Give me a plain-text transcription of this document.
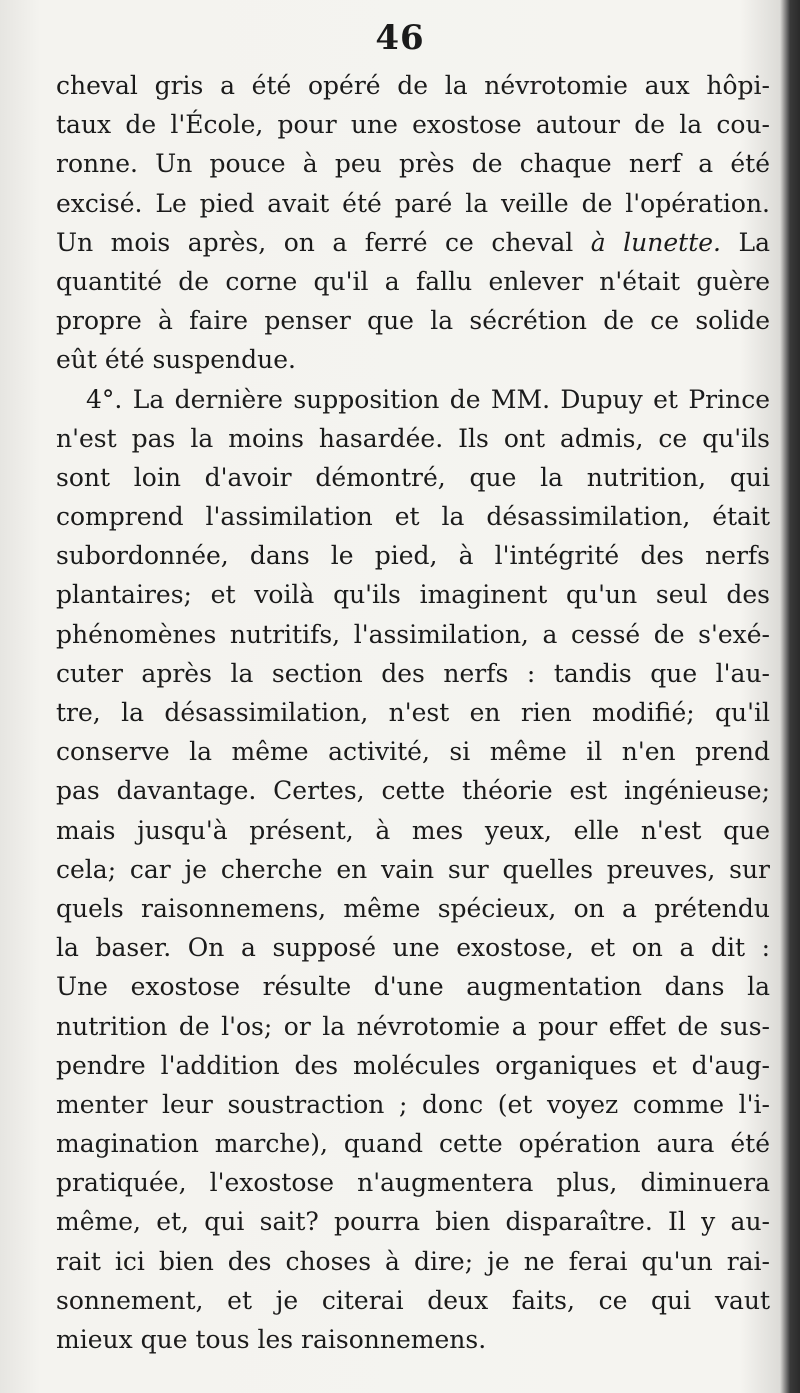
46
cheval gris a été opéré de la névrotomie aux hôpi-
taux de l'École, pour une exostose autour de la cou-
ronne. Un pouce à peu près de chaque nerf a été
excisé. Le pied avait été paré la veille de l'opération.
Un mois après, on a ferré ce cheval à lunette. La
quantité de corne qu'il a fallu enlever n'était guère
propre à faire penser que la sécrétion de ce solide
eût été suspendue.
4°. La dernière supposition de MM. Dupuy et Prince
n'est pas la moins hasardée. Ils ont admis, ce qu'ils
sont loin d'avoir démontré, que la nutrition, qui
comprend l'assimilation et la désassimilation, était
subordonnée, dans le pied, à l'intégrité des nerfs
plantaires; et voilà qu'ils imaginent qu'un seul des
phénomènes nutritifs, l'assimilation, a cessé de s'exé-
cuter après la section des nerfs : tandis que l'au-
tre, la désassimilation, n'est en rien modifié; qu'il
conserve la même activité, si même il n'en prend
pas davantage. Certes, cette théorie est ingénieuse;
mais jusqu'à présent, à mes yeux, elle n'est que
cela; car je cherche en vain sur quelles preuves, sur
quels raisonnemens, même spécieux, on a prétendu
la baser. On a supposé une exostose, et on a dit :
Une exostose résulte d'une augmentation dans la
nutrition de l'os; or la névrotomie a pour effet de sus-
pendre l'addition des molécules organiques et d'aug-
menter leur soustraction ; donc (et voyez comme l'i-
magination marche), quand cette opération aura été
pratiquée, l'exostose n'augmentera plus, diminuera
même, et, qui sait? pourra bien disparaître. Il y au-
rait ici bien des choses à dire; je ne ferai qu'un rai-
sonnement, et je citerai deux faits, ce qui vaut
mieux que tous les raisonnemens.
